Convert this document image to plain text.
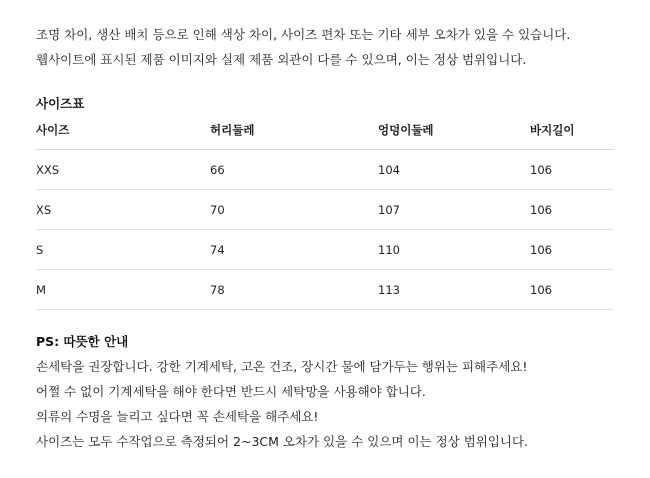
조명 차이, 생산 배치 등으로 인해 색상 차이, 사이즈 편차 또는 기타 세부 오차가 있을 수 있습니다.

웹사이트에 표시된 제품 이미지와 실제 제품 외관이 다를 수 있으며, 이는 정상 범위입니다.

사이즈표
사이즈	허리둘레	엉덩이둘레	바지길이
XXS	66	104	106
XS	70	107	106
S	74	110	106
M	78	113	106
PS: 따뜻한 안내

손세탁을 권장합니다. 강한 기계세탁, 고온 건조, 장시간 물에 담가두는 행위는 피해주세요!

어쩔 수 없이 기계세탁을 해야 한다면 반드시 세탁망을 사용해야 합니다.

의류의 수명을 늘리고 싶다면 꼭 손세탁을 해주세요!

사이즈는 모두 수작업으로 측정되어 2~3CM 오차가 있을 수 있으며 이는 정상 범위입니다.
